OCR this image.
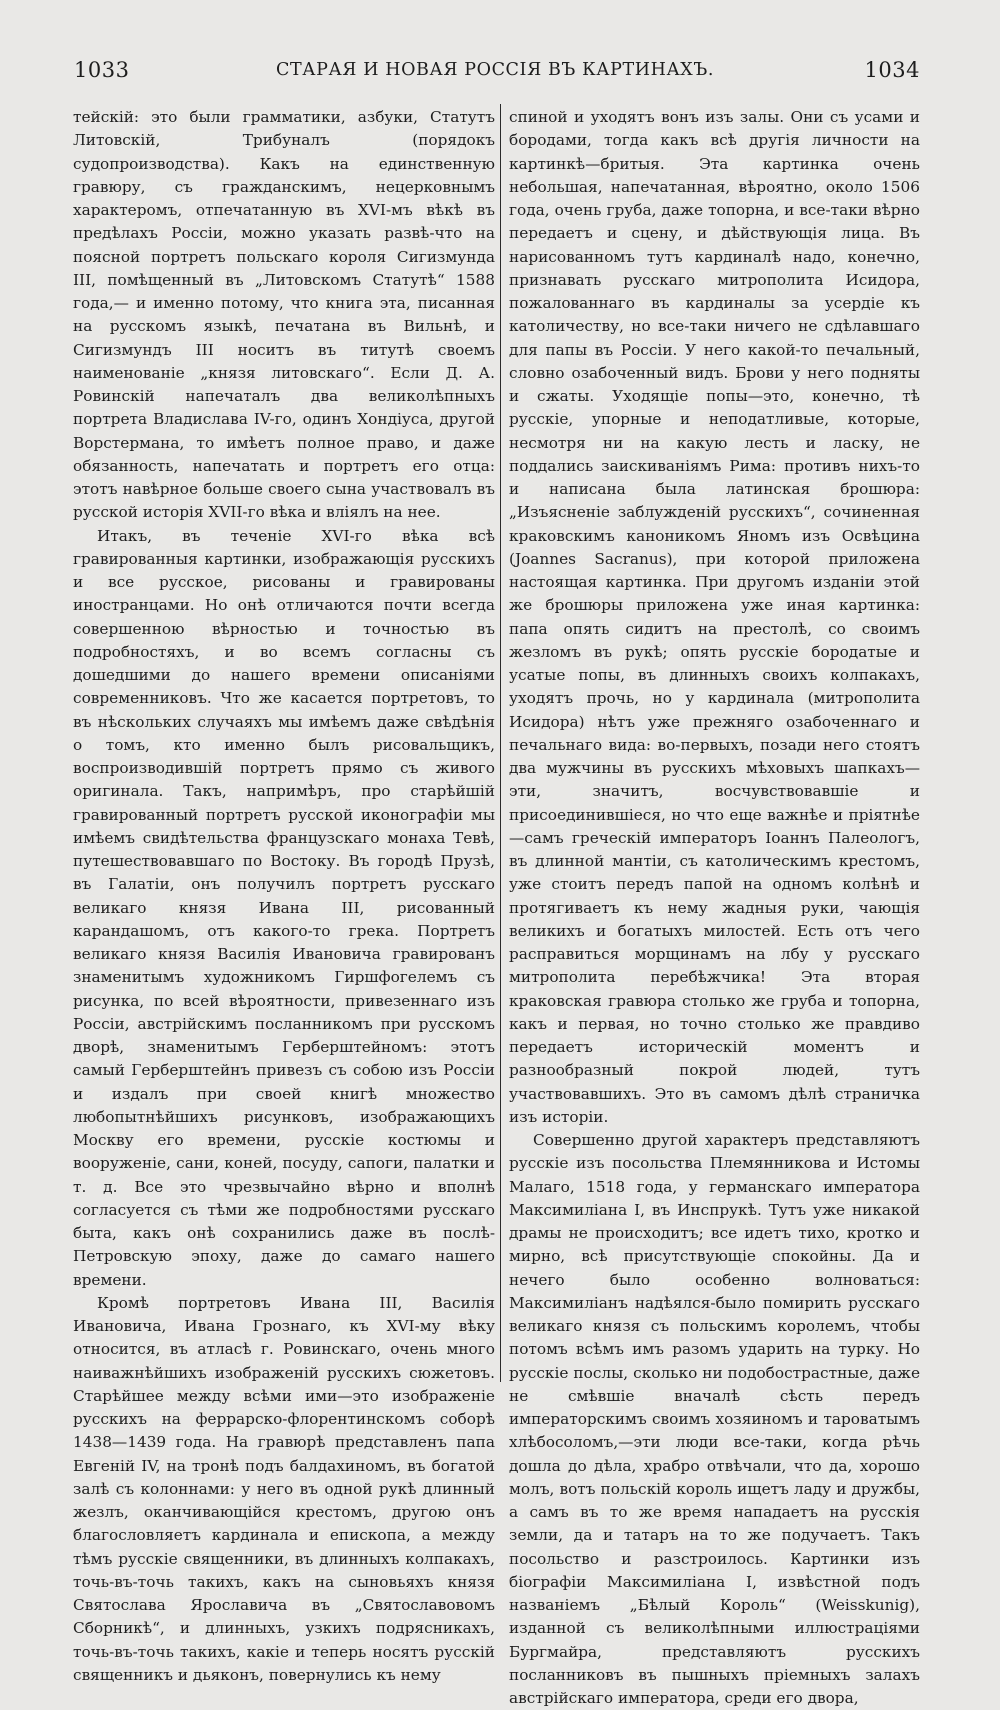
1033	СТАРАЯ И НОВАЯ РОССІЯ ВЪ КАРТИНАХЪ.	1034

тейскій: это были грамматики, азбуки, Статутъ Литовскій, Трибуналъ (порядокъ судопроизводства). Какъ на единственную гравюру, съ гражданскимъ, нецерковнымъ характеромъ, отпечатанную въ XVI-мъ вѣкѣ въ предѣлахъ Россіи, можно указать развѣ-что на поясной портретъ польскаго короля Сигизмунда III, помѣщенный въ „Литовскомъ Статутѣ“ 1588 года,— и именно потому, что книга эта, писанная на русскомъ языкѣ, печатана въ Вильнѣ, и Сигизмундъ III носитъ въ титутѣ своемъ наименованіе „князя литовскаго“. Если Д. А. Ровинскій напечаталъ два великолѣпныхъ портрета Владислава IV-го, одинъ Хондіуса, другой Ворстермана, то имѣетъ полное право, и даже обязанность, напечатать и портретъ его отца: этотъ навѣрное больше своего сына участвовалъ въ русской исторія XVII-го вѣка и вліялъ на нее.

Итакъ, въ теченіе XVI-го вѣка всѣ гравированныя картинки, изображающія русскихъ и все русское, рисованы и гравированы иностранцами. Но онѣ отличаются почти всегда совершенною вѣрностью и точностью въ подробностяхъ, и во всемъ согласны съ дошедшими до нашего времени описаніями современниковъ. Что же касается портретовъ, то въ нѣскольких случаяхъ мы имѣемъ даже свѣдѣнія о томъ, кто именно былъ рисовальщикъ, воспроизводившій портретъ прямо съ живого оригинала. Такъ, напримѣръ, про старѣйшій гравированный портретъ русской иконографіи мы имѣемъ свидѣтельства французскаго монаха Тевѣ, путешествовавшаго по Востоку. Въ городѣ Прузѣ, въ Галатіи, онъ получилъ портретъ русскаго великаго князя Ивана III, рисованный карандашомъ, отъ какого-то грека. Портретъ великаго князя Василія Ивановича гравированъ знаменитымъ художникомъ Гиршфогелемъ съ рисунка, по всей вѣроятности, привезеннаго изъ Россіи, австрійскимъ посланникомъ при русскомъ дворѣ, знаменитымъ Герберштейномъ: этотъ самый Герберштейнъ привезъ съ собою изъ Россіи и издалъ при своей книгѣ множество любопытнѣйшихъ рисунковъ, изображающихъ Москву его времени, русскіе костюмы и вооруженіе, сани, коней, посуду, сапоги, палатки и т. д. Все это чрезвычайно вѣрно и вполнѣ согласуется съ тѣми же подробностями русскаго быта, какъ онѣ сохранились даже въ послѣ-Петровскую эпоху, даже до самаго нашего времени.

Кромѣ портретовъ Ивана III, Василія Ивановича, Ивана Грознаго, къ XVI-му вѣку относится, въ атласѣ г. Ровинскаго, очень много наиважнѣйшихъ изображеній русскихъ сюжетовъ. Старѣйшее между всѣми ими—это изображеніе русскихъ на феррарско-флорентинскомъ соборѣ 1438—1439 года. На гравюрѣ представленъ папа Евгеній IV, на тронѣ подъ балдахиномъ, въ богатой залѣ съ колоннами: у него въ одной рукѣ длинный жезлъ, оканчивающійся крестомъ, другою онъ благословляетъ кардинала и епископа, а между тѣмъ русскіе священники, въ длинныхъ колпакахъ, точь-въ-точь такихъ, какъ на сыновьяхъ князя Святослава Ярославича въ „Святославовомъ Сборникѣ“, и длинныхъ, узкихъ подрясникахъ, точь-въ-точь такихъ, какіе и теперь носятъ русскій священникъ и дьяконъ, повернулись къ нему

спиной и уходятъ вонъ изъ залы. Они съ усами и бородами, тогда какъ всѣ другія личности на картинкѣ—бритыя. Эта картинка очень небольшая, напечатанная, вѣроятно, около 1506 года, очень груба, даже топорна, и все-таки вѣрно передаетъ и сцену, и дѣйствующія лица. Въ нарисованномъ тутъ кардиналѣ надо, конечно, признавать русскаго митрополита Исидора, пожалованнаго въ кардиналы за усердіе къ католичеству, но все-таки ничего не сдѣлавшаго для папы въ Россіи. У него какой-то печальный, словно озабоченный видъ. Брови у него подняты и сжаты. Уходящіе попы—это, конечно, тѣ русскіе, упорные и неподатливые, которые, несмотря ни на какую лесть и ласку, не поддались заискиваніямъ Рима: противъ нихъ-то и написана была латинская брошюра: „Изъясненіе заблужденій русскихъ“, сочиненная краковскимъ каноникомъ Яномъ изъ Освѣцина (Joannes Sacranus), при которой приложена настоящая картинка. При другомъ изданіи этой же брошюры приложена уже иная картинка: папа опять сидитъ на престолѣ, со своимъ жезломъ въ рукѣ; опять русскіе бородатые и усатые попы, въ длинныхъ своихъ колпакахъ, уходятъ прочь, но у кардинала (митрополита Исидора) нѣтъ уже прежняго озабоченнаго и печальнаго вида: во-первыхъ, позади него стоятъ два мужчины въ русскихъ мѣховыхъ шапкахъ—эти, значитъ, восчувствовавшіе и присоединившіеся, но что еще важнѣе и пріятнѣе—самъ греческій императоръ Іоаннъ Палеологъ, въ длинной мантіи, съ католическимъ крестомъ, уже стоитъ передъ папой на одномъ колѣнѣ и протягиваетъ къ нему жадныя руки, чающія великихъ и богатыхъ милостей. Есть отъ чего расправиться морщинамъ на лбу у русскаго митрополита перебѣжчика! Эта вторая краковская гравюра столько же груба и топорна, какъ и первая, но точно столько же правдиво передаетъ историческій моментъ и разнообразный покрой людей, тутъ участвовавшихъ. Это въ самомъ дѣлѣ страничка изъ исторіи.

Совершенно другой характеръ представляютъ русскіе изъ посольства Племянникова и Истомы Малаго, 1518 года, у германскаго императора Максимиліана I, въ Инспрукѣ. Тутъ уже никакой драмы не происходитъ; все идетъ тихо, кротко и мирно, всѣ присутствующіе спокойны. Да и нечего было особенно волноваться: Максимиліанъ надѣялся-было помирить русскаго великаго князя съ польскимъ королемъ, чтобы потомъ всѣмъ имъ разомъ ударить на турку. Но русскіе послы, сколько ни подобострастные, даже не смѣвшіе вначалѣ сѣсть передъ императорскимъ своимъ хозяиномъ и тароватымъ хлѣбосоломъ,—эти люди все-таки, когда рѣчь дошла до дѣла, храбро отвѣчали, что да, хорошо молъ, вотъ польскій король ищетъ ладу и дружбы, а самъ въ то же время нападаетъ на русскія земли, да и татаръ на то же подучаетъ. Такъ посольство и разстроилось. Картинки изъ біографіи Максимиліана I, извѣстной подъ названіемъ „Бѣлый Король“ (Weisskunig), изданной съ великолѣпными иллюстраціями Бургмайра, представляютъ русскихъ посланниковъ въ пышныхъ пріемныхъ залахъ австрійскаго императора, среди его двора,
